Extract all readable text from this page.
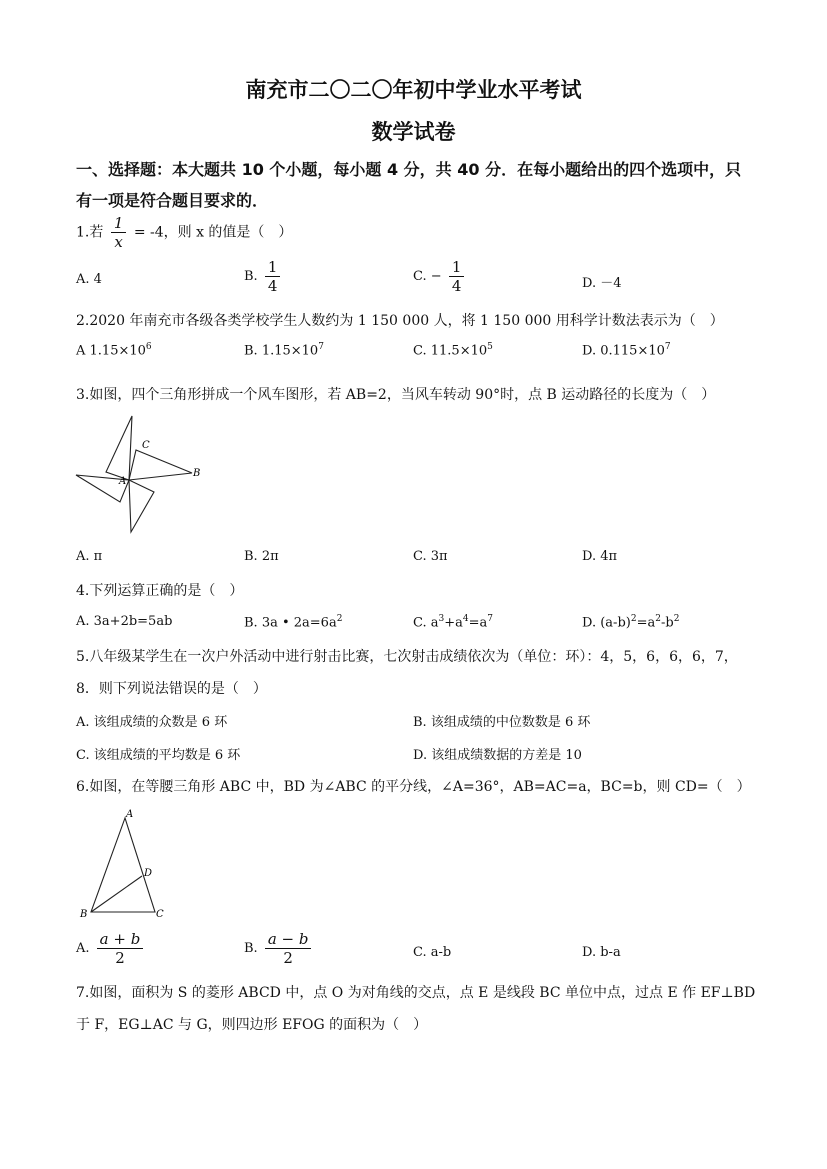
南充市二〇二〇年初中学业水平考试
数学试卷
一、选择题：本大题共 10 个小题，每小题 4 分，共 40 分．在每小题给出的四个选项中，只
有一项是符合题目要求的．
1.若 $\frac{1}{x} = -4$，则 x 的值是（　）
A. 4	B. $\frac{1}{4}$	C. − $\frac{1}{4}$	D. －4
2.2020 年南充市各级各类学校学生人数约为 1 150 000 人，将 1 150 000 用科学计数法表示为（　）
A $1.15\times 10^6$	B. $1.15\times 10^7$	C. $11.5\times 10^5$	D. $0.115\times 10^7$
3.如图，四个三角形拼成一个风车图形，若 AB=2，当风车转动 90°时，点 B 运动路径的长度为（　）
C
B
A
A. π	B. 2π	C. 3π	D. 4π
4.下列运算正确的是（　）
A. 3a+2b=5ab	B. 3a • $2a=6a^2$	C. $a^3+a^4=a^7$	D. $(a-b)^2=a^2-b^2$
5.八年级某学生在一次户外活动中进行射击比赛，七次射击成绩依次为（单位：环）：4，5，6，6，6，7，
8．则下列说法错误的是（　）
A. 该组成绩的众数是 6 环	B. 该组成绩的中位数数是 6 环
C. 该组成绩的平均数是 6 环	D. 该组成绩数据的方差是 10
6.如图，在等腰三角形 ABC 中，BD 为∠ABC 的平分线，∠A=36°，AB=AC=a，BC=b，则 CD=（　）
A
D
B	C
A. $\frac{a + b}{2}$	B. $\frac{a - b}{2}$	C. a-b	D. b-a
7.如图，面积为 S 的菱形 ABCD 中，点 O 为对角线的交点，点 E 是线段 BC 单位中点，过点 E 作 EF⊥BD
于 F，EG⊥AC 与 G，则四边形 EFOG 的面积为（　）
